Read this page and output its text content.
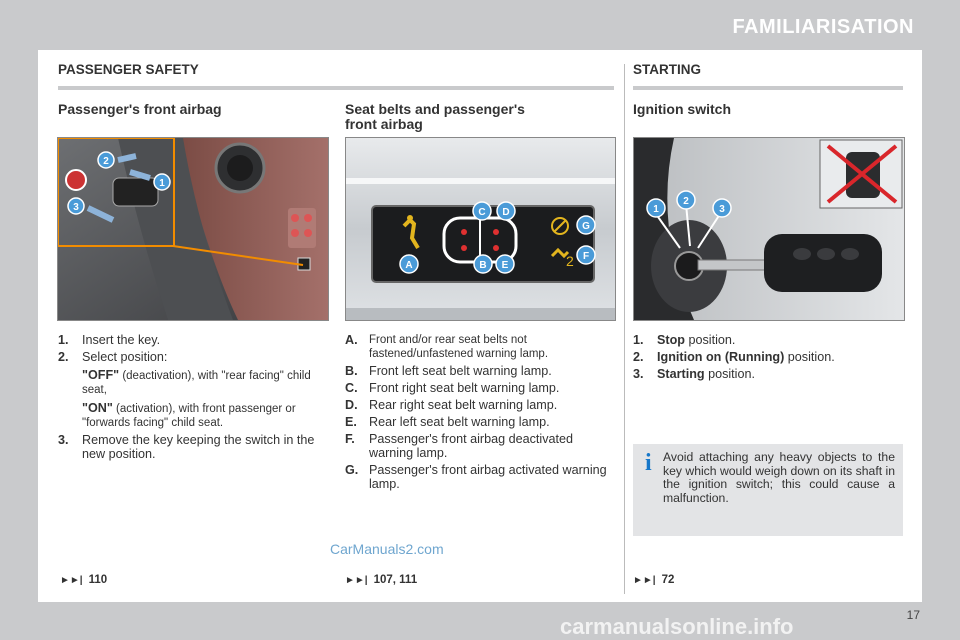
FAMILIARISATION
PASSENGER SAFETY	STARTING
Passenger's front airbag
2
1
3
1. Insert the key.
2. Select position:
"OFF" (deactivation), with "rear facing" child seat,
"ON" (activation), with front passenger or "forwards facing" child seat.
3. Remove the key keeping the switch in the new position.
►►| 110
Seat belts and passenger's
front airbag
2
A	B
C D
E
F
G
A. Front and/or rear seat belts not fastened/unfastened warning lamp.
B. Front left seat belt warning lamp.
C. Front right seat belt warning lamp.
D. Rear right seat belt warning lamp.
E. Rear left seat belt warning lamp.
F. Passenger's front airbag deactivated warning lamp.
G. Passenger's front airbag activated warning lamp.
►►| 107, 111
Ignition switch
1
2
3
1. Stop position.
2. Ignition on (Running) position.
3. Starting position.
i Avoid attaching any heavy objects to the key which would weigh down on its shaft in the ignition switch; this could cause a malfunction.
►►| 72
CarManuals2.com
17
carmanualsonline.info
